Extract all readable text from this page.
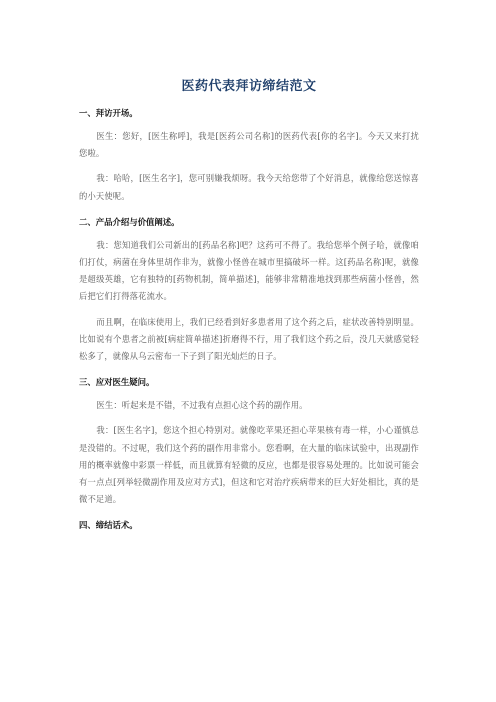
医药代表拜访缔结范文
一、拜访开场。

医生：您好，[医生称呼]，我是[医药公司名称]的医药代表[你的名字]。今天又来打扰您啦。

我：哈哈，[医生名字]，您可别嫌我烦呀。我今天给您带了个好消息，就像给您送惊喜的小天使呢。

二、产品介绍与价值阐述。

我：您知道我们公司新出的[药品名称]吧？这药可不得了。我给您举个例子哈，就像咱们打仗，病菌在身体里胡作非为，就像小怪兽在城市里搞破坏一样。这[药品名称]呢，就像是超级英雄，它有独特的[药物机制，简单描述]，能够非常精准地找到那些病菌小怪兽，然后把它们打得落花流水。

而且啊，在临床使用上，我们已经看到好多患者用了这个药之后，症状改善特别明显。比如说有个患者之前被[病症简单描述]折磨得不行，用了我们这个药之后，没几天就感觉轻松多了，就像从乌云密布一下子到了阳光灿烂的日子。

三、应对医生疑问。

医生：听起来是不错，不过我有点担心这个药的副作用。

我：[医生名字]，您这个担心特别对。就像吃苹果还担心苹果核有毒一样，小心谨慎总是没错的。不过呢，我们这个药的副作用非常小。您看啊，在大量的临床试验中，出现副作用的概率就像中彩票一样低，而且就算有轻微的反应，也都是很容易处理的。比如说可能会有一点点[列举轻微副作用及应对方式]，但这和它对治疗疾病带来的巨大好处相比，真的是微不足道。

四、缔结话术。
